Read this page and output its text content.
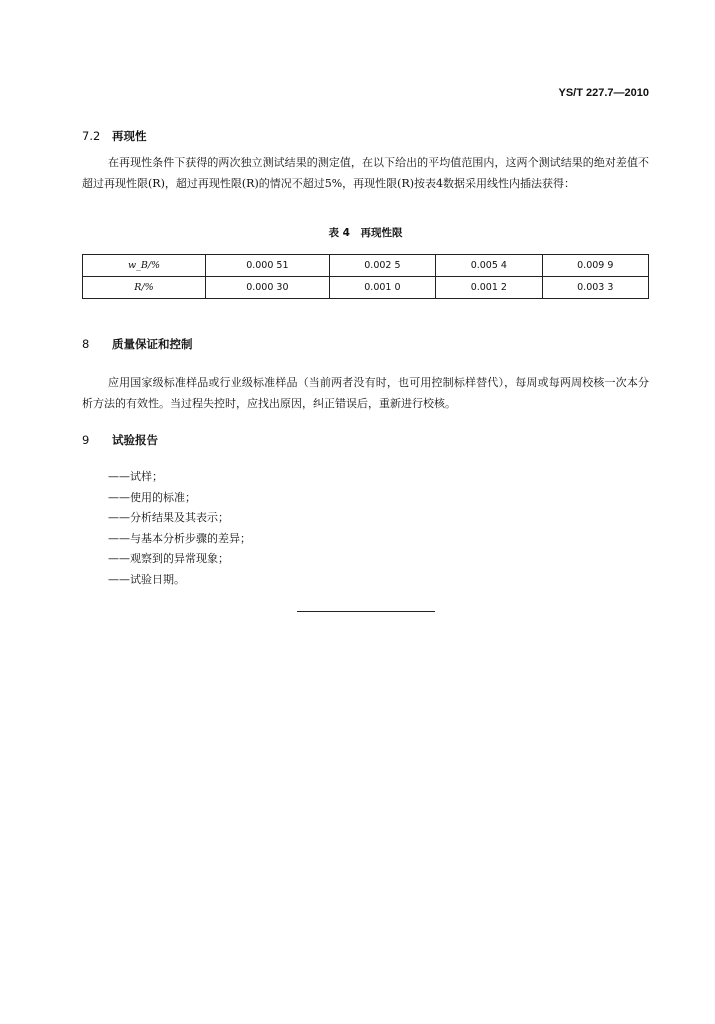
YS/T 227.7—2010
7.2 再现性

在再现性条件下获得的两次独立测试结果的测定值，在以下给出的平均值范围内，这两个测试结果的绝对差值不超过再现性限(R)，超过再现性限(R)的情况不超过5%，再现性限(R)按表4数据采用线性内插法获得：

表 4　再现性限
w_B/%	0.000 51	0.002 5	0.005 4	0.009 9
R/%	0.000 30	0.001 0	0.001 2	0.003 3
8 质量保证和控制

应用国家级标准样品或行业级标准样品（当前两者没有时，也可用控制标样替代），每周或每两周校核一次本分析方法的有效性。当过程失控时，应找出原因，纠正错误后，重新进行校核。

9 试验报告
——试样；
——使用的标准；
——分析结果及其表示；
——与基本分析步骤的差异；
——观察到的异常现象；
——试验日期。
